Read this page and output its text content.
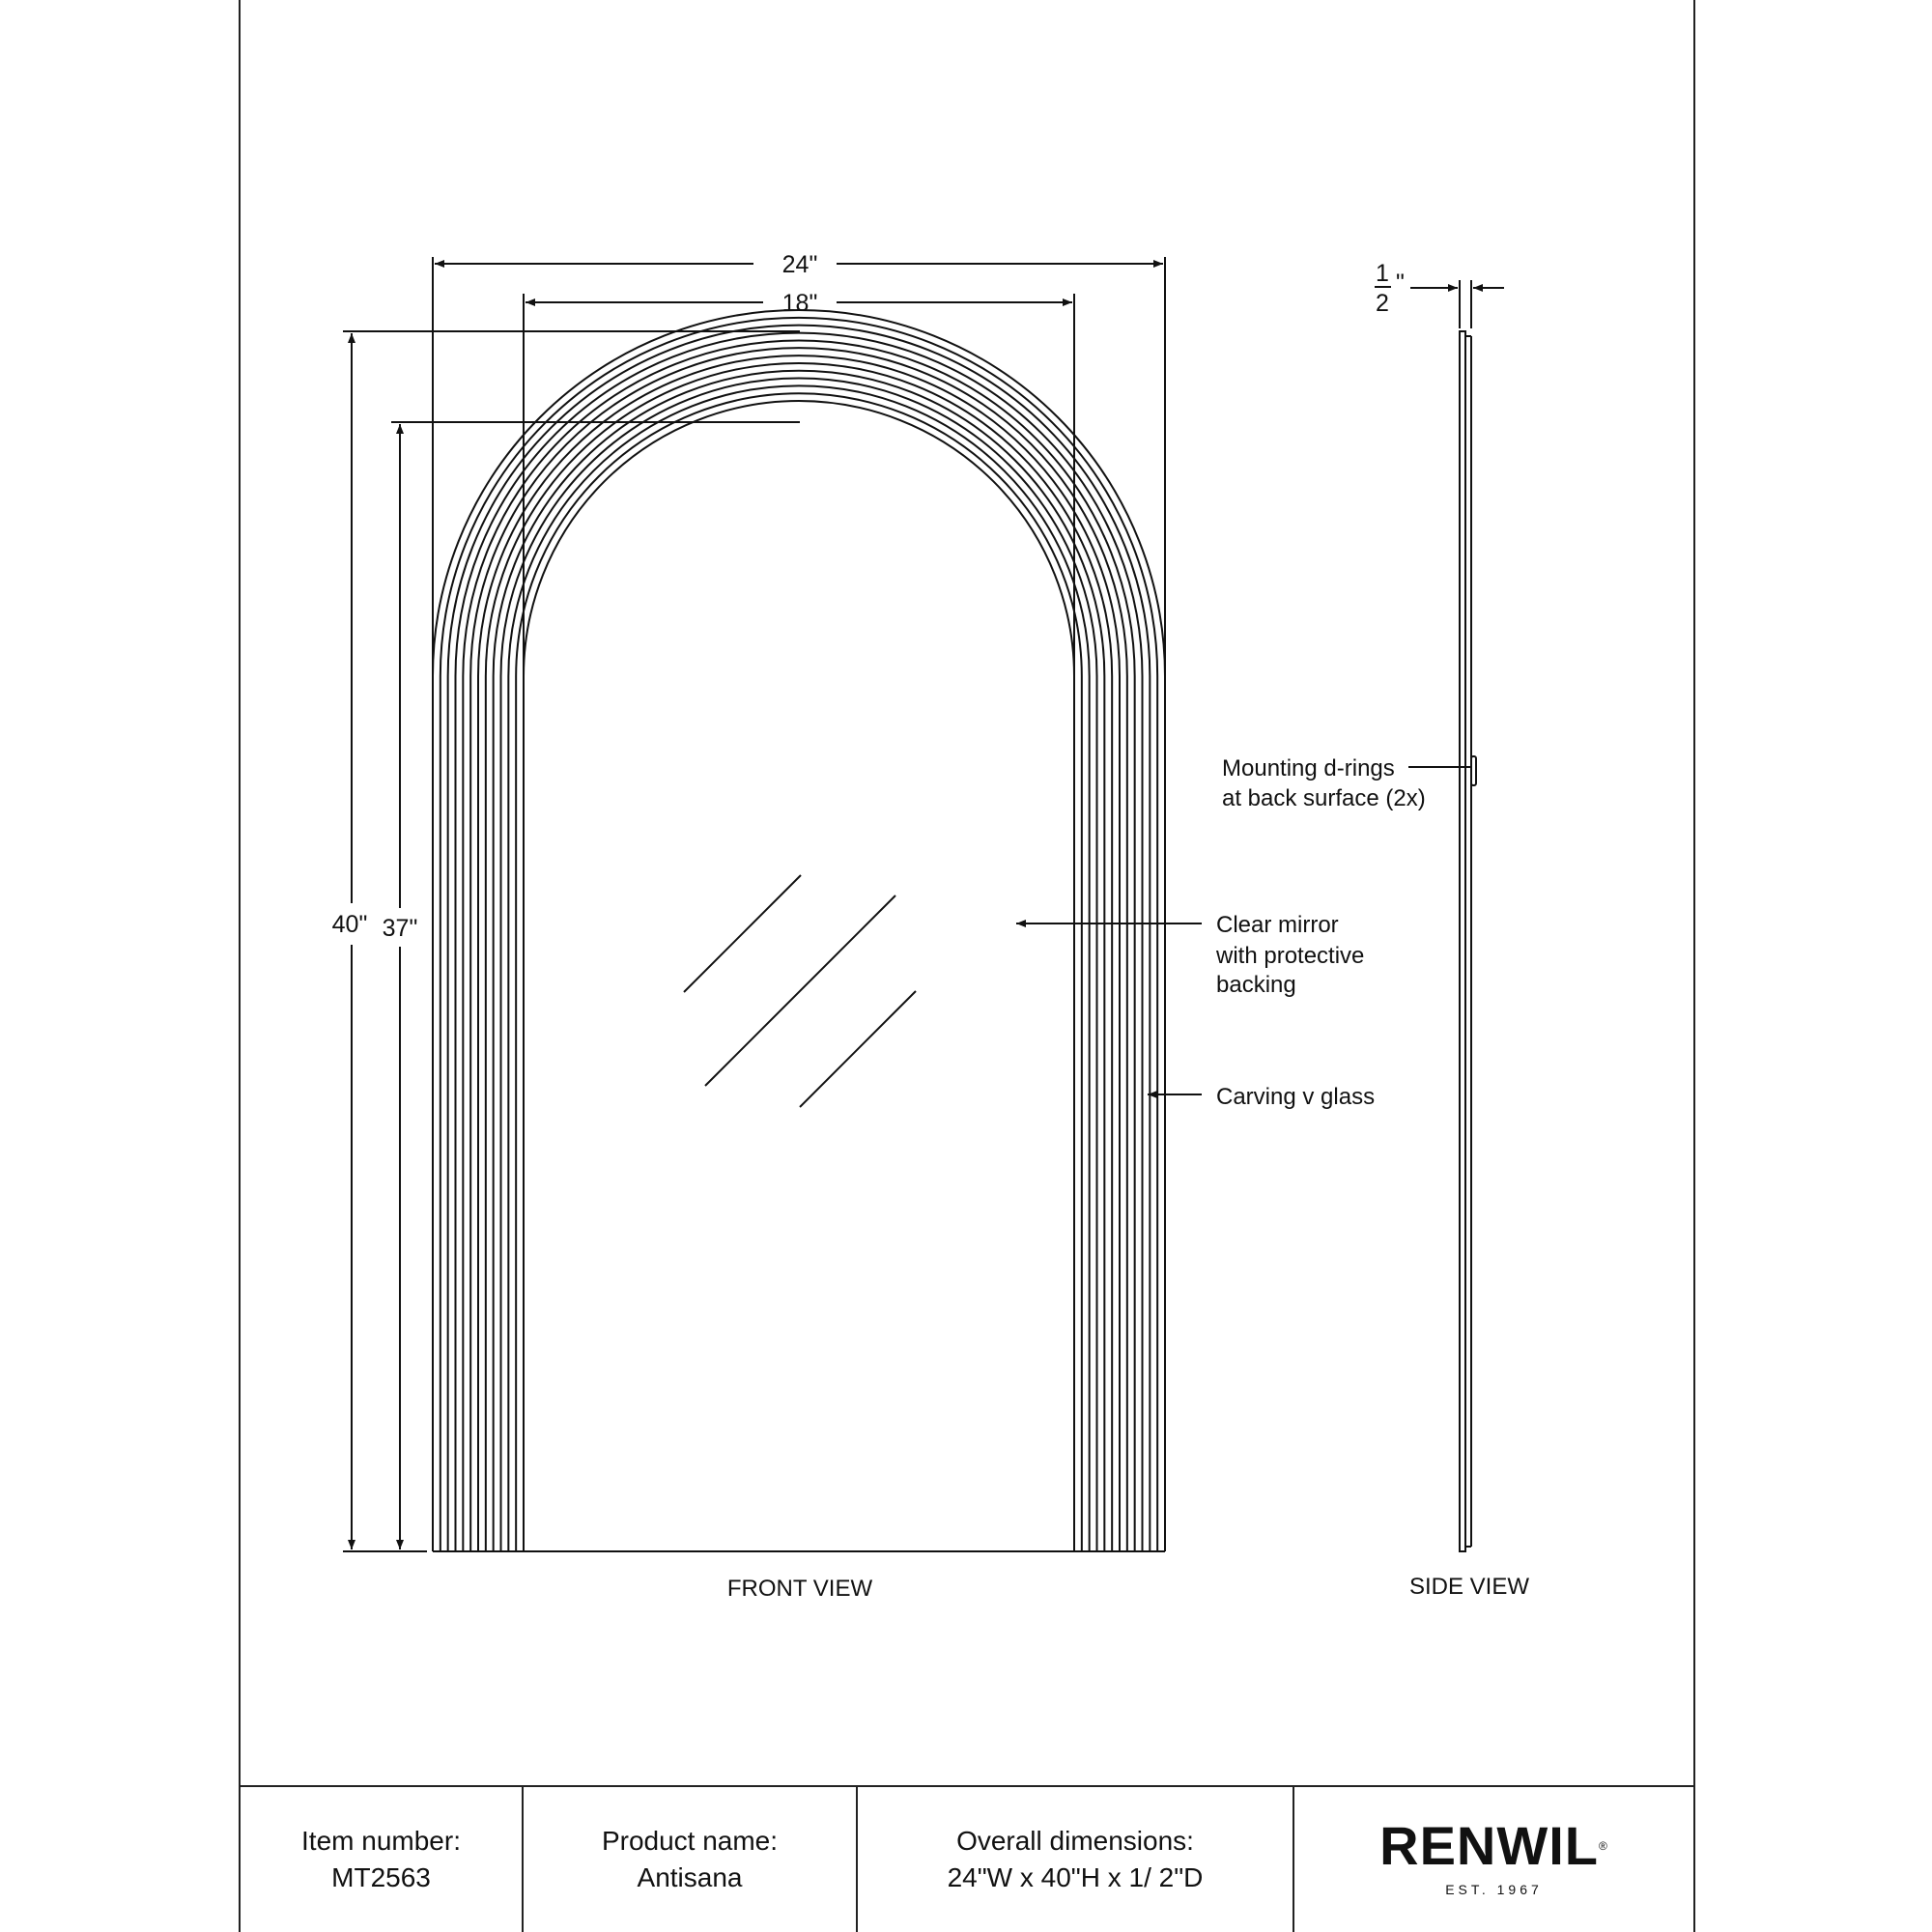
24"
18"
40" 37"
1
2
"
Mounting d-rings
at back surface (2x)
Clear mirror
with protective
backing
Carving v glass
FRONT VIEW	SIDE VIEW
Item number:
MT2563
Product name:
Antisana
Overall dimensions:
24"W x 40"H x 1/ 2"D
RENWIL®
EST. 1967
